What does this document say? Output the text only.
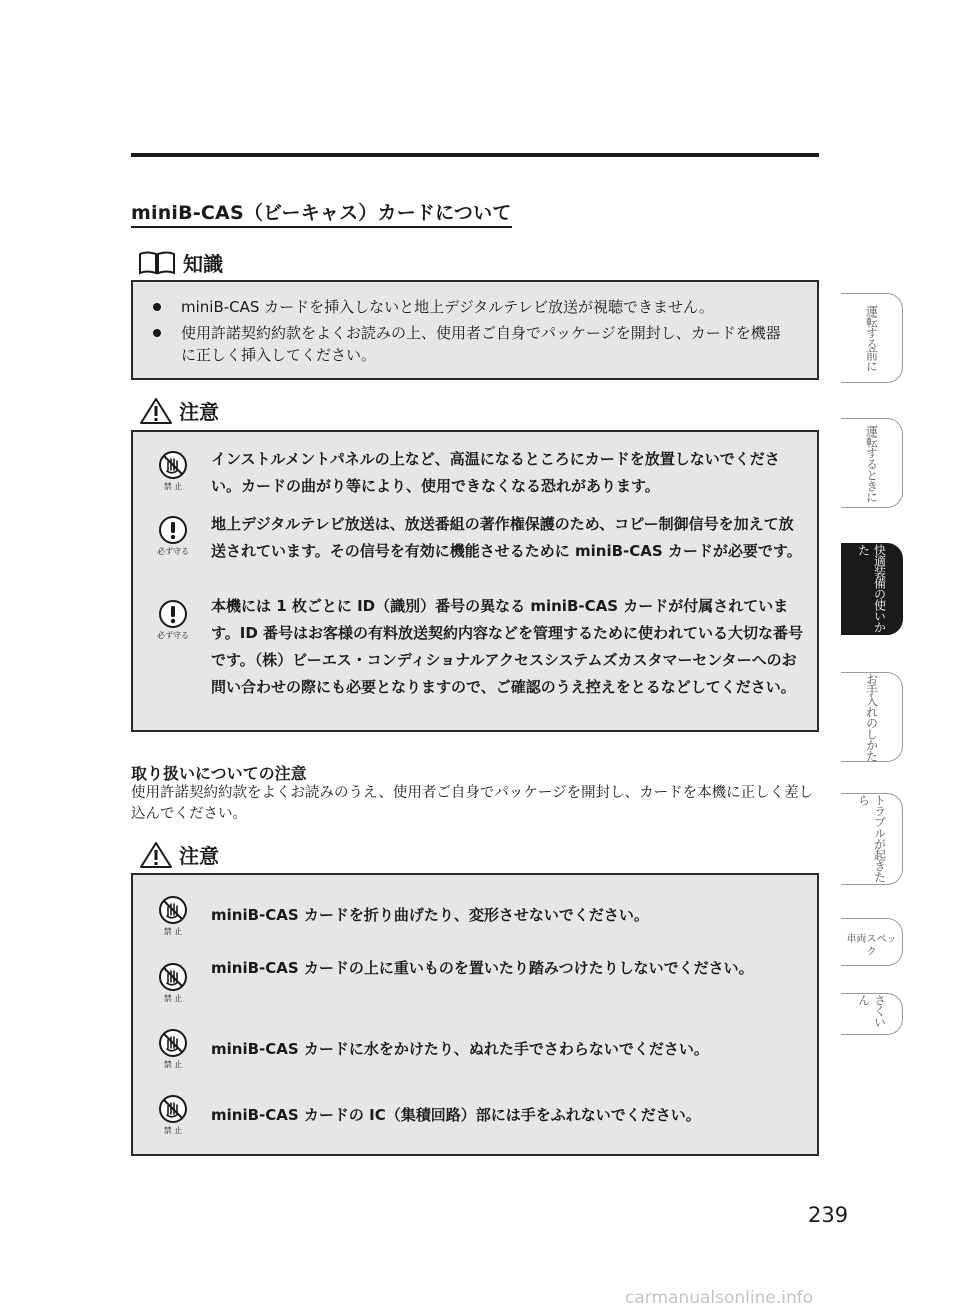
miniB-CAS（ビーキャス）カードについて
知識
miniB-CAS カードを挿入しないと地上デジタルテレビ放送が視聴できません。
使用許諾契約約款をよくお読みの上、使用者ご自身でパッケージを開封し、カードを機器に正しく挿入してください。
注意
禁 止
インストルメントパネルの上など、高温になるところにカードを放置しないでください。カードの曲がり等により、使用できなくなる恐れがあります。
必ず守る
地上デジタルテレビ放送は、放送番組の著作権保護のため、コピー制御信号を加えて放送されています。その信号を有効に機能させるために miniB-CAS カードが必要です。
必ず守る
本機には 1 枚ごとに ID（識別）番号の異なる miniB-CAS カードが付属されています。ID 番号はお客様の有料放送契約内容などを管理するために使われている大切な番号です。（株）ビーエス・コンディショナルアクセスシステムズカスタマーセンターへのお問い合わせの際にも必要となりますので、ご確認のうえ控えをとるなどしてください。
取り扱いについての注意
使用許諾契約約款をよくお読みのうえ、使用者ご自身でパッケージを開封し、カードを本機に正しく差し込んでください。
注意
禁 止
miniB-CAS カードを折り曲げたり、変形させないでください。
禁 止
miniB-CAS カードの上に重いものを置いたり踏みつけたりしないでください。
禁 止
miniB-CAS カードに水をかけたり、ぬれた手でさわらないでください。
禁 止
miniB-CAS カードの IC（集積回路）部には手をふれないでください。
運転する前に
運転するときに
快適装備の使いかた
お手入れのしかた
トラブルが起きたら
車両スペック
さくいん
239
carmanualsonline.info
